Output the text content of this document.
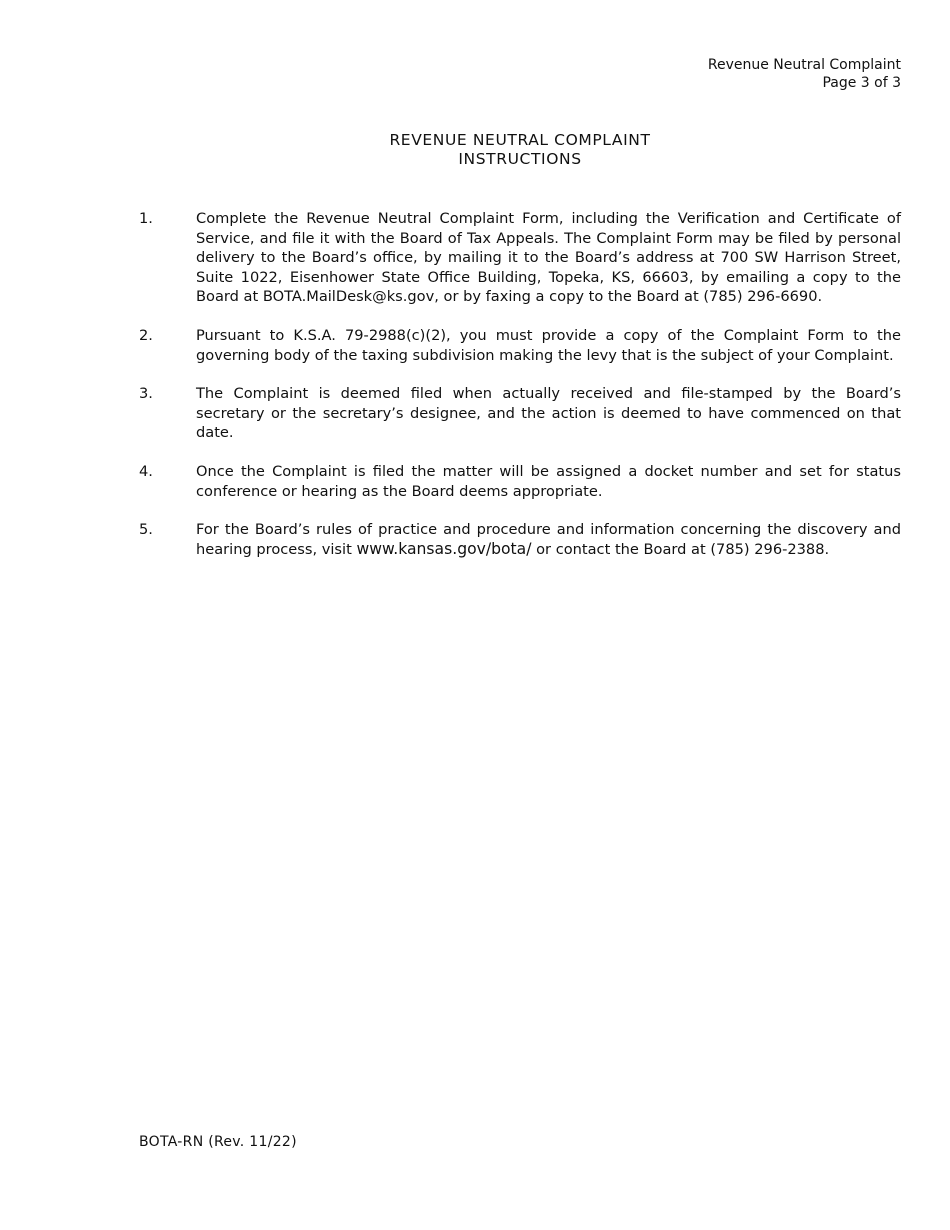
Revenue Neutral Complaint
Page 3 of 3
REVENUE NEUTRAL COMPLAINT
INSTRUCTIONS
1.	Complete the Revenue Neutral Complaint Form, including the Verification and Certificate of Service, and file it with the Board of Tax Appeals. The Complaint Form may be filed by personal delivery to the Board’s office, by mailing it to the Board’s address at 700 SW Harrison Street, Suite 1022, Eisenhower State Office Building, Topeka, KS, 66603, by emailing a copy to the Board at BOTA.MailDesk@ks.gov, or by faxing a copy to the Board at (785) 296-6690.
2.	Pursuant to K.S.A. 79-2988(c)(2), you must provide a copy of the Complaint Form to the governing body of the taxing subdivision making the levy that is the subject of your Complaint.
3.	The Complaint is deemed filed when actually received and file-stamped by the Board’s secretary or the secretary’s designee, and the action is deemed to have commenced on that date.
4.	Once the Complaint is filed the matter will be assigned a docket number and set for status conference or hearing as the Board deems appropriate.
5.	For the Board’s rules of practice and procedure and information concerning the discovery and hearing process, visit www.kansas.gov/bota/ or contact the Board at (785) 296-2388.
BOTA-RN (Rev. 11/22)
